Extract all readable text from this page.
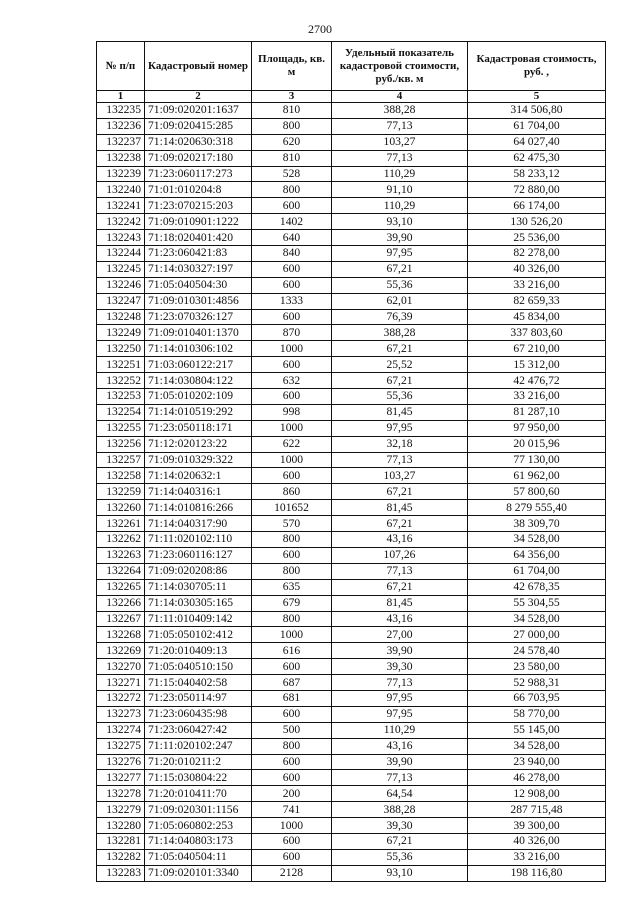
2700
№ п/п	Кадастровый номер	Площадь, кв. м	Удельный показатель кадастровой стоимости, руб./кв. м	Кадастровая стоимость, руб. ,
1	2	3	4	5
132235	71:09:020201:1637	810	388,28	314 506,80
132236	71:09:020415:285	800	77,13	61 704,00
132237	71:14:020630:318	620	103,27	64 027,40
132238	71:09:020217:180	810	77,13	62 475,30
132239	71:23:060117:273	528	110,29	58 233,12
132240	71:01:010204:8	800	91,10	72 880,00
132241	71:23:070215:203	600	110,29	66 174,00
132242	71:09:010901:1222	1402	93,10	130 526,20
132243	71:18:020401:420	640	39,90	25 536,00
132244	71:23:060421:83	840	97,95	82 278,00
132245	71:14:030327:197	600	67,21	40 326,00
132246	71:05:040504:30	600	55,36	33 216,00
132247	71:09:010301:4856	1333	62,01	82 659,33
132248	71:23:070326:127	600	76,39	45 834,00
132249	71:09:010401:1370	870	388,28	337 803,60
132250	71:14:010306:102	1000	67,21	67 210,00
132251	71:03:060122:217	600	25,52	15 312,00
132252	71:14:030804:122	632	67,21	42 476,72
132253	71:05:010202:109	600	55,36	33 216,00
132254	71:14:010519:292	998	81,45	81 287,10
132255	71:23:050118:171	1000	97,95	97 950,00
132256	71:12:020123:22	622	32,18	20 015,96
132257	71:09:010329:322	1000	77,13	77 130,00
132258	71:14:020632:1	600	103,27	61 962,00
132259	71:14:040316:1	860	67,21	57 800,60
132260	71:14:010816:266	101652	81,45	8 279 555,40
132261	71:14:040317:90	570	67,21	38 309,70
132262	71:11:020102:110	800	43,16	34 528,00
132263	71:23:060116:127	600	107,26	64 356,00
132264	71:09:020208:86	800	77,13	61 704,00
132265	71:14:030705:11	635	67,21	42 678,35
132266	71:14:030305:165	679	81,45	55 304,55
132267	71:11:010409:142	800	43,16	34 528,00
132268	71:05:050102:412	1000	27,00	27 000,00
132269	71:20:010409:13	616	39,90	24 578,40
132270	71:05:040510:150	600	39,30	23 580,00
132271	71:15:040402:58	687	77,13	52 988,31
132272	71:23:050114:97	681	97,95	66 703,95
132273	71:23:060435:98	600	97,95	58 770,00
132274	71:23:060427:42	500	110,29	55 145,00
132275	71:11:020102:247	800	43,16	34 528,00
132276	71:20:010211:2	600	39,90	23 940,00
132277	71:15:030804:22	600	77,13	46 278,00
132278	71:20:010411:70	200	64,54	12 908,00
132279	71:09:020301:1156	741	388,28	287 715,48
132280	71:05:060802:253	1000	39,30	39 300,00
132281	71:14:040803:173	600	67,21	40 326,00
132282	71:05:040504:11	600	55,36	33 216,00
132283	71:09:020101:3340	2128	93,10	198 116,80
